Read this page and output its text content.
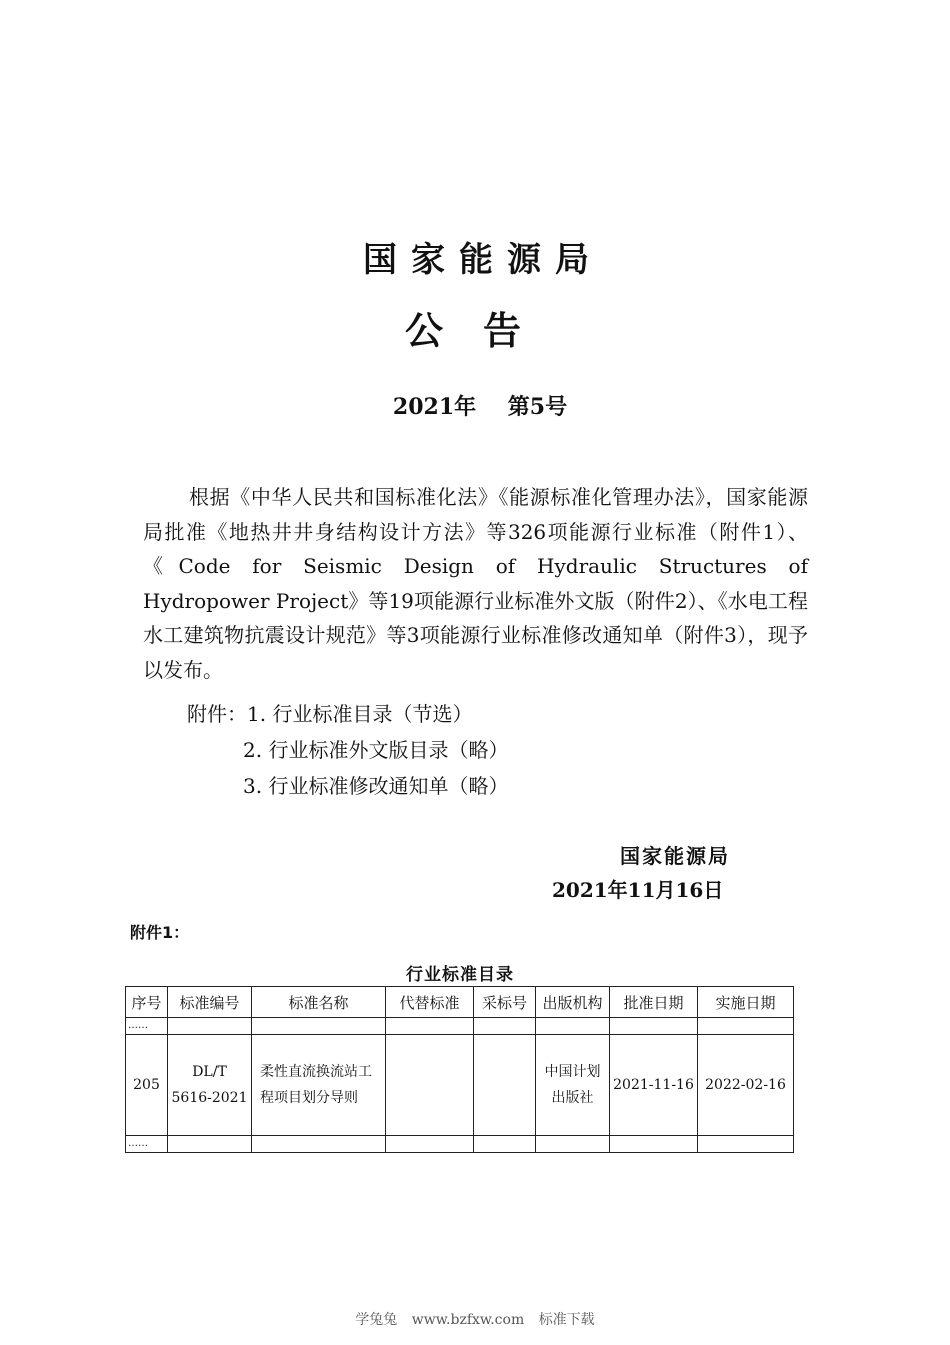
国家能源局
公告
2021年 第5号
根据《中华人民共和国标准化法》《能源标准化管理办法》，国家能源局批准《地热井井身结构设计方法》等326项能源行业标准（附件1）、《Code for Seismic Design of Hydraulic Structures of Hydropower Project》等19项能源行业标准外文版（附件2）、《水电工程水工建筑物抗震设计规范》等3项能源行业标准修改通知单（附件3），现予以发布。
附件：1. 行业标准目录（节选）
2. 行业标准外文版目录（略）
3. 行业标准修改通知单（略）
国家能源局
2021年11月16日
附件1：
行业标准目录
序号	标准编号	标准名称	代替标准	采标号	出版机构	批准日期	实施日期
……							
205	DL/T 5616-2021	柔性直流换流站工程项目划分导则			中国计划出版社	2021-11-16	2022-02-16
……							
学兔兔 www.bzfxw.com 标准下载
